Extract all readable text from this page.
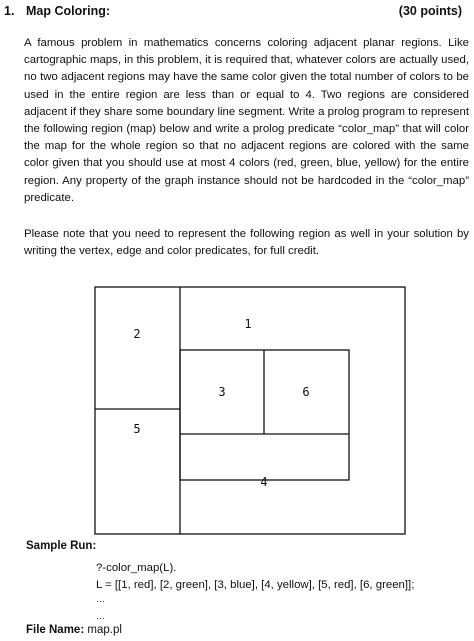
1. Map Coloring:	(30 points)

A famous problem in mathematics concerns coloring adjacent planar regions. Like cartographic maps, in this problem, it is required that, whatever colors are actually used, no two adjacent regions may have the same color given the total number of colors to be used in the entire region are less than or equal to 4. Two regions are considered adjacent if they share some boundary line segment. Write a prolog program to represent the following region (map) below and write a prolog predicate “color_map” that will color the map for the whole region so that no adjacent regions are colored with the same color given that you should use at most 4 colors (red, green, blue, yellow) for the entire region. Any property of the graph instance should not be hardcoded in the “color_map” predicate.

Please note that you need to represent the following region as well in your solution by writing the vertex, edge and color predicates, for full credit.

1
2
3
4
5
6
Sample Run:
?-color_map(L).
L = [[1, red], [2, green], [3, blue], [4, yellow], [5, red], [6, green]];
…
…
File Name: map.pl
